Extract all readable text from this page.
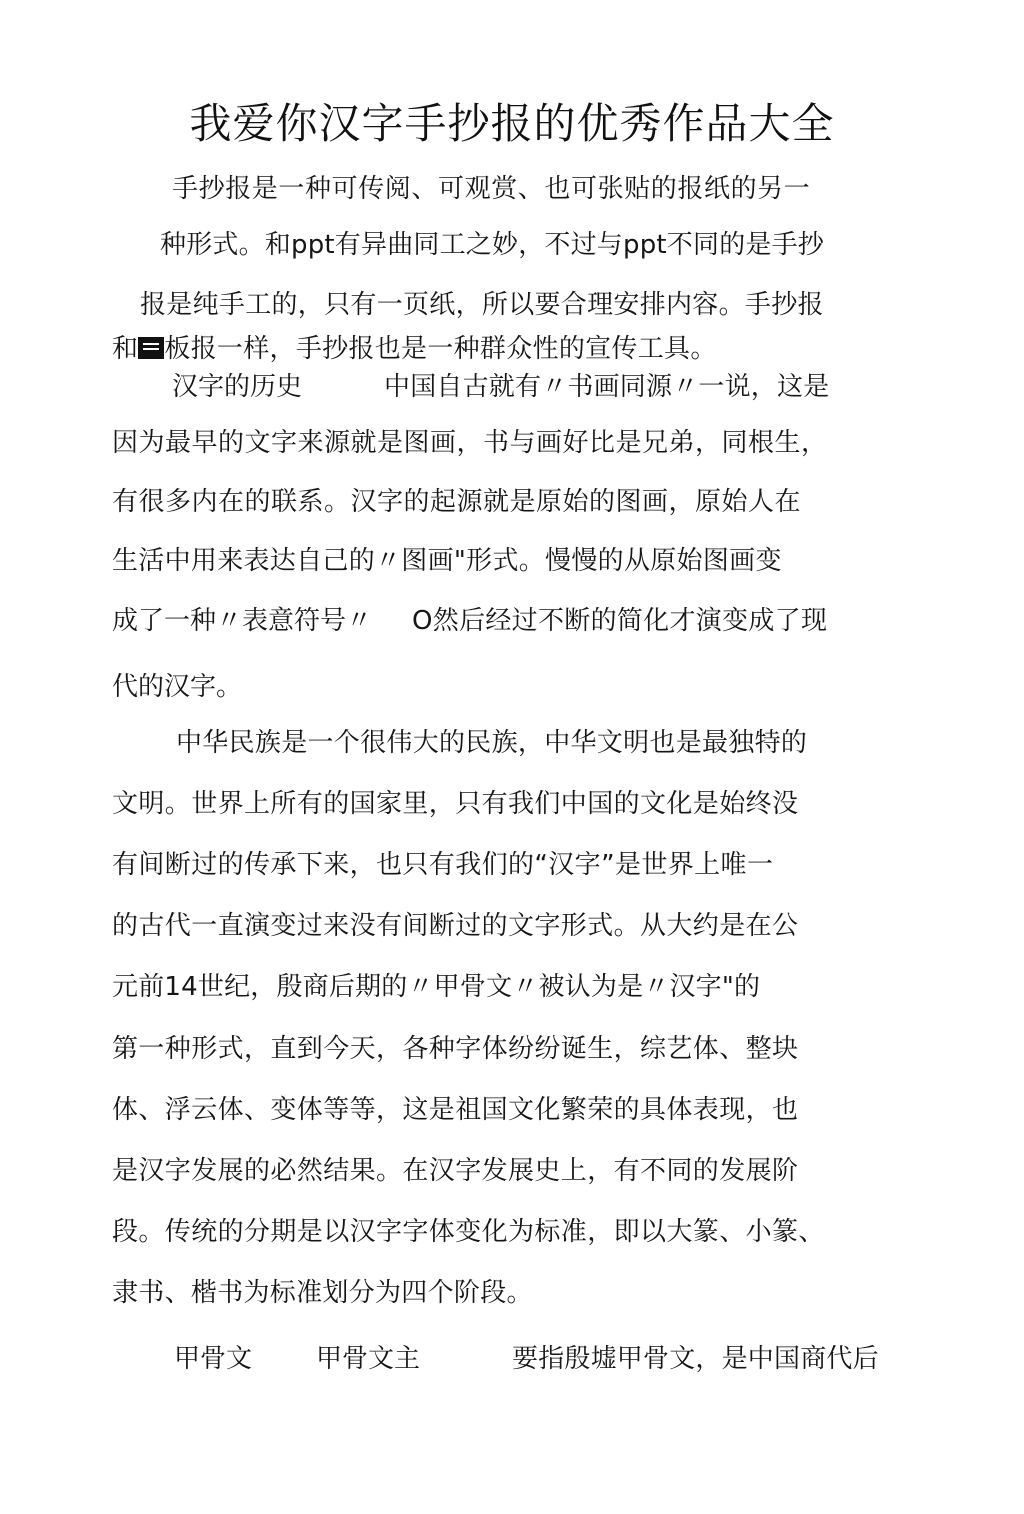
我爱你汉字手抄报的优秀作品大全
手抄报是一种可传阅、可观赏、也可张贴的报纸的另一
种形式。和ppt有异曲同工之妙，不过与ppt不同的是手抄
报是纯手工的，只有一页纸，所以要合理安排内容。手抄报
和 板报一样，手抄报也是一种群众性的宣传工具。
汉字的历史	中国自古就有〃书画同源〃一说，这是
因为最早的文字来源就是图画，书与画好比是兄弟，同根生，
有很多内在的联系。汉字的起源就是原始的图画，原始人在
生活中用来表达自己的〃图画"形式。慢慢的从原始图画变
成了一种〃表意符号〃 O然后经过不断的简化才演变成了现
代的汉字。
中华民族是一个很伟大的民族，中华文明也是最独特的
文明。世界上所有的国家里，只有我们中国的文化是始终没
有间断过的传承下来，也只有我们的“汉字”是世界上唯一
的古代一直演变过来没有间断过的文字形式。从大约是在公
元前14世纪，殷商后期的〃甲骨文〃被认为是〃汉字"的
第一种形式，直到今天，各种字体纷纷诞生，综艺体、整块
体、浮云体、变体等等，这是祖国文化繁荣的具体表现，也
是汉字发展的必然结果。在汉字发展史上，有不同的发展阶
段。传统的分期是以汉字字体变化为标准，即以大篆、小篆、
隶书、楷书为标准划分为四个阶段。
甲骨文 甲骨文主	要指殷墟甲骨文，是中国商代后
